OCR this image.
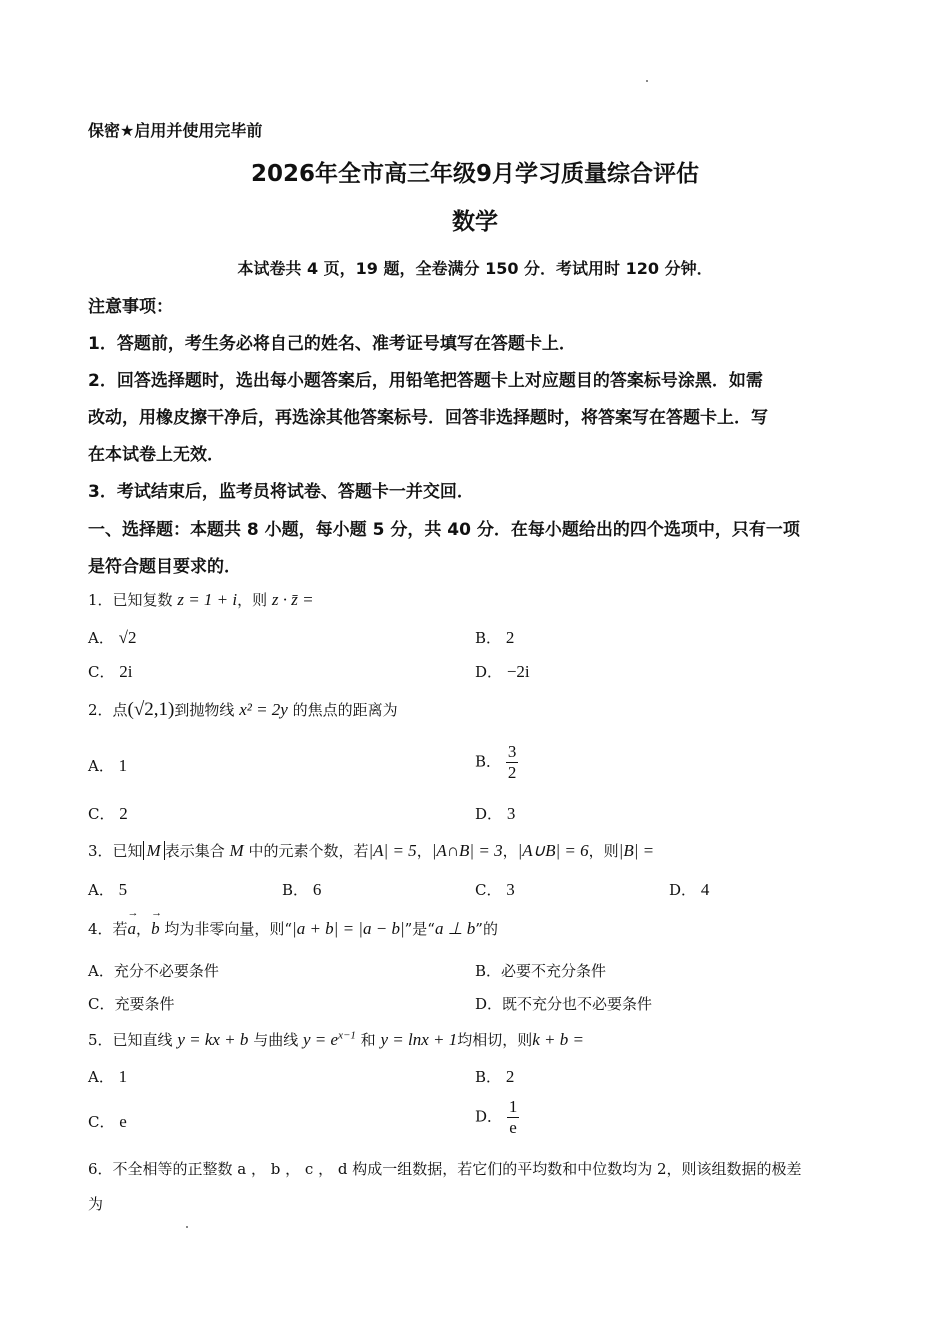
保密★启用并使用完毕前
2026年全市高三年级9月学习质量综合评估
数学
本试卷共 4 页，19 题，全卷满分 150 分．考试用时 120 分钟．
注意事项：
1．答题前，考生务必将自己的姓名、准考证号填写在答题卡上．
2．回答选择题时，选出每小题答案后，用铅笔把答题卡上对应题目的答案标号涂黑．如需
改动，用橡皮擦干净后，再选涂其他答案标号．回答非选择题时，将答案写在答题卡上．写
在本试卷上无效．
3．考试结束后，监考员将试卷、答题卡一并交回．
一、选择题：本题共 8 小题，每小题 5 分，共 40 分．在每小题给出的四个选项中，只有一项
是符合题目要求的．
1．已知复数 z = 1 + i，则 z · z̄ =
A． √2	B． 2
C． 2i	D． −2i
2．点(√2,1)到抛物线 x² = 2y 的焦点的距离为
A． 1	B． $\frac{3}{2}$
C． 2	D． 3
3．已知 M 表示集合 M 中的元素个数，若|A| = 5，|A∩B| = 3，|A∪B| = 6，则|B| =
A． 5	B． 6	C． 3	D． 4
4．若→ a，→ b 均为非零向量，则“|a + b| = |a − b|”是“a ⊥ b”的
A．充分不必要条件	B．必要不充分条件
C．充要条件	D．既不充分也不必要条件
5．已知直线 y = kx + b 与曲线 $y = e^{x-1}$ 和 y = lnx + 1均相切，则k + b =
A． 1	B． 2
C． e	D． $\frac{1}{e}$
6．不全相等的正整数 a ， b ， c ， d 构成一组数据，若它们的平均数和中位数均为 2，则该组数据的极差
为
